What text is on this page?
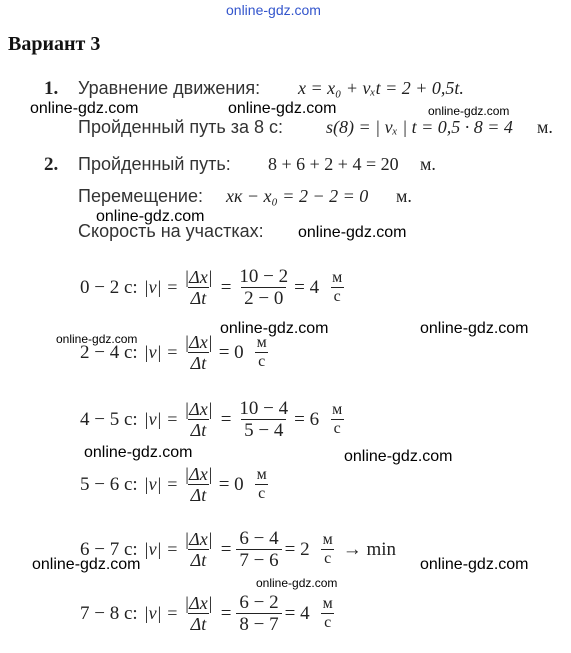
online-gdz.com
online-gdz.com	online-gdz.com	online-gdz.com
online-gdz.com
online-gdz.com
online-gdz.com
online-gdz.com	online-gdz.com
online-gdz.com	online-gdz.com
online-gdz.com
online-gdz.com
online-gdz.com
Вариант 3
1. Уравнение движения: x = x₀ + vₓt = 2 + 0,5t.
Пройденный путь за 8 с: s(8) = | vₓ | t = 0,5 · 8 = 4 м.
2. Пройденный путь: 8 + 6 + 2 + 4 = 20 м.
Перемещение: xк − x₀ = 2 − 2 = 0 м.
Скорость на участках:
0 − 2 с: $|v| = \frac{|\Delta x|}{\Delta t} = \frac{10 - 2}{2 - 0} = 4 \frac{м}{с}$
2 − 4 с: $|v| = \frac{|\Delta x|}{\Delta t} = 0 \frac{м}{с}$
4 − 5 с: $|v| = \frac{|\Delta x|}{\Delta t} = \frac{10 - 4}{5 - 4} = 6 \frac{м}{с}$
5 − 6 с: $|v| = \frac{|\Delta x|}{\Delta t} = 0 \frac{м}{с}$
6 − 7 с: $|v| = \frac{|\Delta x|}{\Delta t} = \frac{6 - 4}{7 - 6} = 2 \frac{м}{с} \to \min$
7 − 8 с: $|v| = \frac{|\Delta x|}{\Delta t} = \frac{6 - 2}{8 - 7} = 4 \frac{м}{с}$
